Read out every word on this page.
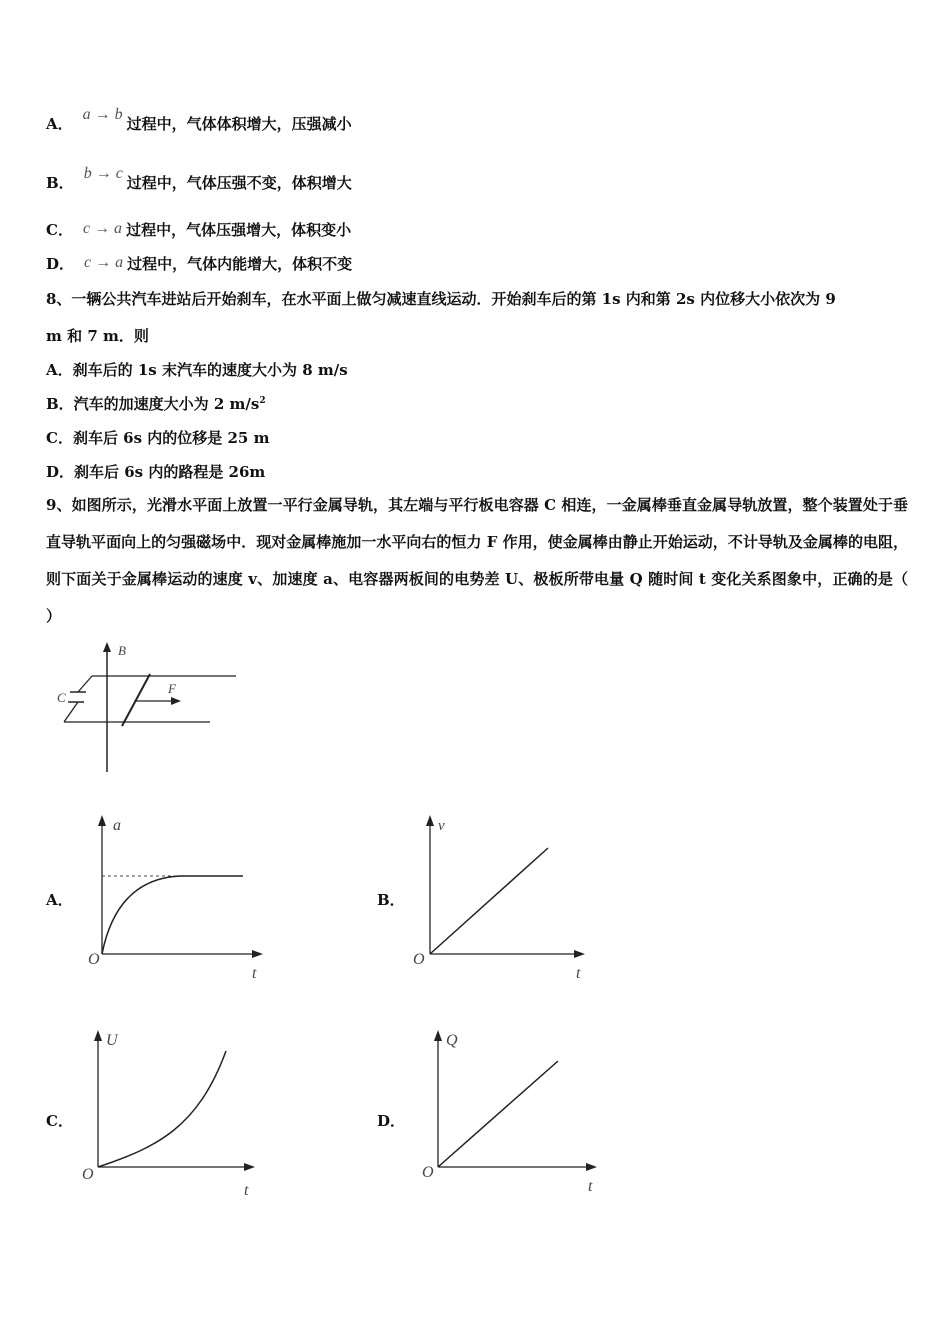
A．a → b过程中，气体体积增大，压强减小
B．b → c过程中，气体压强不变，体积增大
C． c → a 过程中，气体压强增大，体积变小
D． c → a 过程中，气体内能增大，体积不变
8、一辆公共汽车进站后开始刹车，在水平面上做匀减速直线运动．开始刹车后的第 1s 内和第 2s 内位移大小依次为 9
m 和 7 m．则
A．刹车后的 1s 末汽车的速度大小为 8 m/s
B．汽车的加速度大小为 2 $m/s^2$
C．刹车后 6s 内的位移是 25 m
D．刹车后 6s 内的路程是 26m
9、如图所示，光滑水平面上放置一平行金属导轨，其左端与平行板电容器 C 相连，一金属棒垂直金属导轨放置，整个装置处于垂直导轨平面向上的匀强磁场中．现对金属棒施加一水平向右的恒力 F 作用，使金属棒由静止开始运动，不计导轨及金属棒的电阻，则下面关于金属棒运动的速度 v、加速度 a、电容器两板间的电势差 U、极板所带电量 Q 随时间 t 变化关系图象中，正确的是（ ）
B
C
F
A．
a
O
t
B．
v
O
t
C．
U
O
t
D．
Q
O
t
